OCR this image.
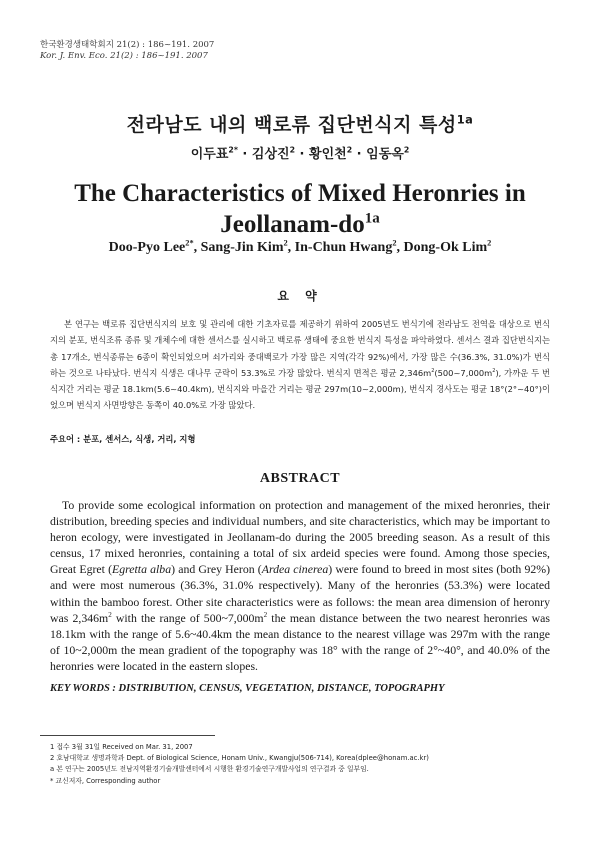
한국환경생태학회지 21(2) : 186~191. 2007
Kor. J. Env. Eco. 21(2) : 186~191. 2007
전라남도 내의 백로류 집단번식지 특성$^{1a}$
이두표$^{2*}$ · 김상진$^2$ · 황인천$^2$ · 임동옥$^2$
The Characteristics of Mixed Heronries in
Jeollanam-$do^{1a}$
Doo-Pyo Lee$^{2*}$, Sang-Jin Kim$^2$, In-Chun Hwang$^2$, Dong-Ok Lim$^2$
요 약
본 연구는 백로류 집단번식지의 보호 및 관리에 대한 기초자료를 제공하기 위하여 2005년도 번식기에 전라남도 전역을 대상으로 번식지의 분포, 번식조류 종류 및 개체수에 대한 센서스를 실시하고 백로류 생태에 중요한 번식지 특성을 파악하였다. 센서스 결과 집단번식지는 총 17개소, 번식종류는 6종이 확인되었으며 쇠가리와 중대백로가 가장 많은 지역(각각 92%)에서, 가장 많은 수(36.3%, 31.0%)가 번식하는 것으로 나타났다. 번식지 식생은 대나무 군락이 53.3%로 가장 많았다. 번식지 면적은 평균 $2,346m^2(500\sim 7,000m^2)$, 가까운 두 번식지간 거리는 평균 18.1km(5.6~40.4km), 번식지와 마을간 거리는 평균 297m(10~2,000m), 번식지 경사도는 평균 18°(2°~40°)이었으며 번식지 사면방향은 동쪽이 40.0%로 가장 많았다.
주요어 : 분포, 센서스, 식생, 거리, 지형
ABSTRACT
To provide some ecological information on protection and management of the mixed heronries, their distribution, breeding species and individual numbers, and site characteristics, which may be important to heron ecology, were investigated in Jeollanam-do during the 2005 breeding season. As a result of this census, 17 mixed heronries, containing a total of six ardeid species were found. Among those species, Great Egret (Egretta alba) and Grey Heron (Ardea cinerea) were found to breed in most sites (both 92%) and were most numerous (36.3%, 31.0% respectively). Many of the heronries (53.3%) were located within the bamboo forest. Other site characteristics were as follows: the mean area dimension of heronry was $2,346m^2$ with the range of $500\sim 7,000m^2$ the mean distance between the two nearest heronries was 18.1km with the range of 5.6~40.4km the mean distance to the nearest village was 297m with the range of 10~2,000m the mean gradient of the topography was 18° with the range of 2°~40°, and 40.0% of the heronries were located in the eastern slopes.
KEY WORDS : DISTRIBUTION, CENSUS, VEGETATION, DISTANCE, TOPOGRAPHY
1 접수 3월 31일 Received on Mar. 31, 2007
2 호남대학교 생명과학과 Dept. of Biological Science, Honam Univ., Kwangju(506-714), Korea(dplee@honam.ac.kr)
a 본 연구는 2005년도 전남지역환경기술개발센터에서 시행한 환경기술연구개발사업의 연구결과 중 일부임.
* 교신저자, Corresponding author
